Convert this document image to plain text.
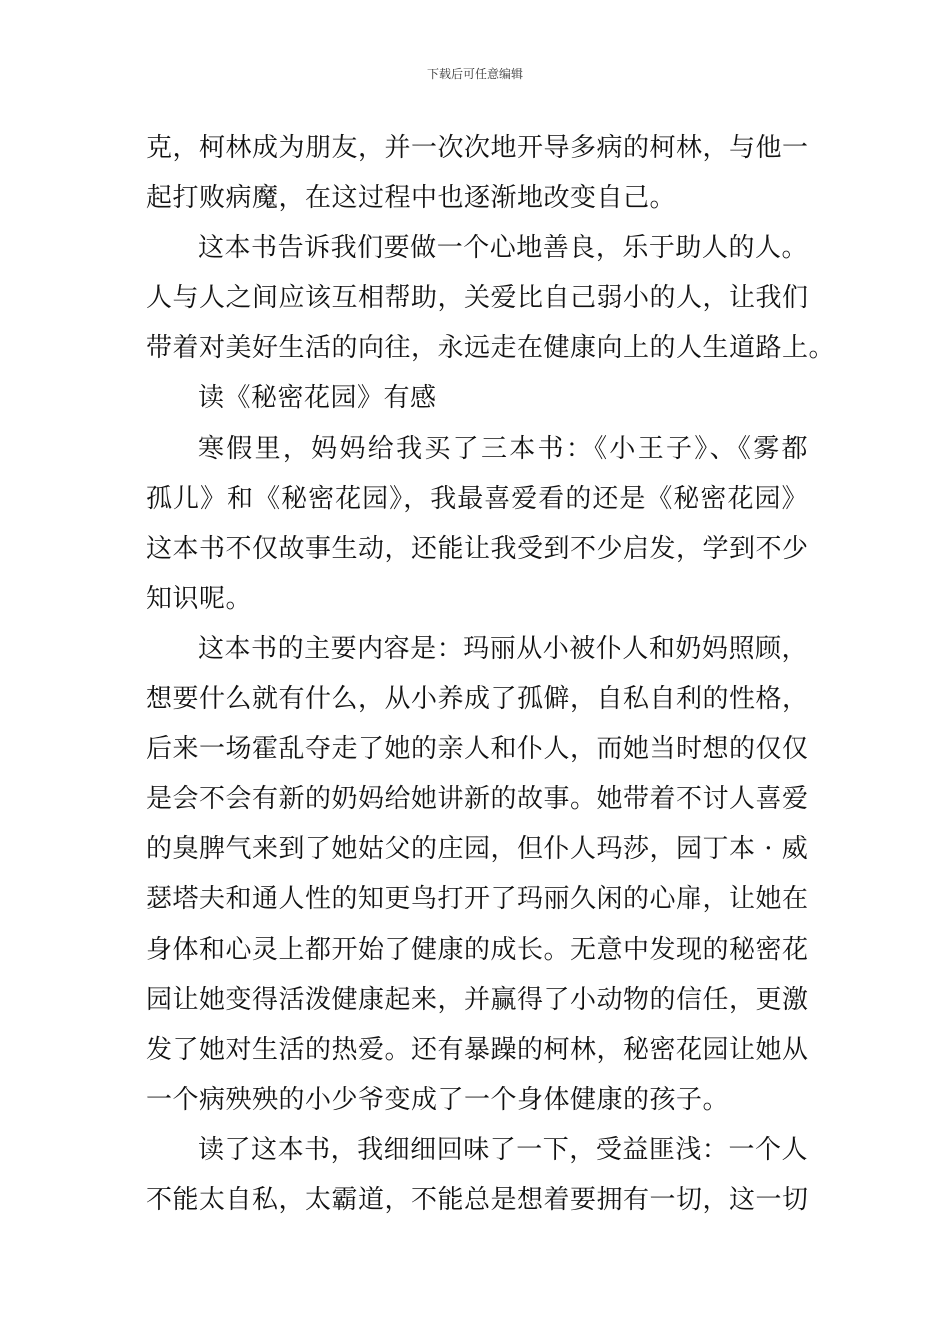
下载后可任意编辑
克，柯林成为朋友，并一次次地开导多病的柯林，与他一
起打败病魔，在这过程中也逐渐地改变自己。
这本书告诉我们要做一个心地善良，乐于助人的人。
人与人之间应该互相帮助，关爱比自己弱小的人，让我们
带着对美好生活的向往，永远走在健康向上的人生道路上。
读《秘密花园》有感
寒假里，妈妈给我买了三本书：《小王子》、《雾都
孤儿》和《秘密花园》，我最喜爱看的还是《秘密花园》
这本书不仅故事生动，还能让我受到不少启发，学到不少
知识呢。
这本书的主要内容是：玛丽从小被仆人和奶妈照顾，
想要什么就有什么，从小养成了孤僻，自私自利的性格，
后来一场霍乱夺走了她的亲人和仆人，而她当时想的仅仅
是会不会有新的奶妈给她讲新的故事。她带着不讨人喜爱
的臭脾气来到了她姑父的庄园，但仆人玛莎，园丁本 · 威
瑟塔夫和通人性的知更鸟打开了玛丽久闲的心扉，让她在
身体和心灵上都开始了健康的成长。无意中发现的秘密花
园让她变得活泼健康起来，并赢得了小动物的信任，更激
发了她对生活的热爱。还有暴躁的柯林，秘密花园让她从
一个病殃殃的小少爷变成了一个身体健康的孩子。
读了这本书，我细细回味了一下，受益匪浅：一个人
不能太自私，太霸道，不能总是想着要拥有一切，这一切
